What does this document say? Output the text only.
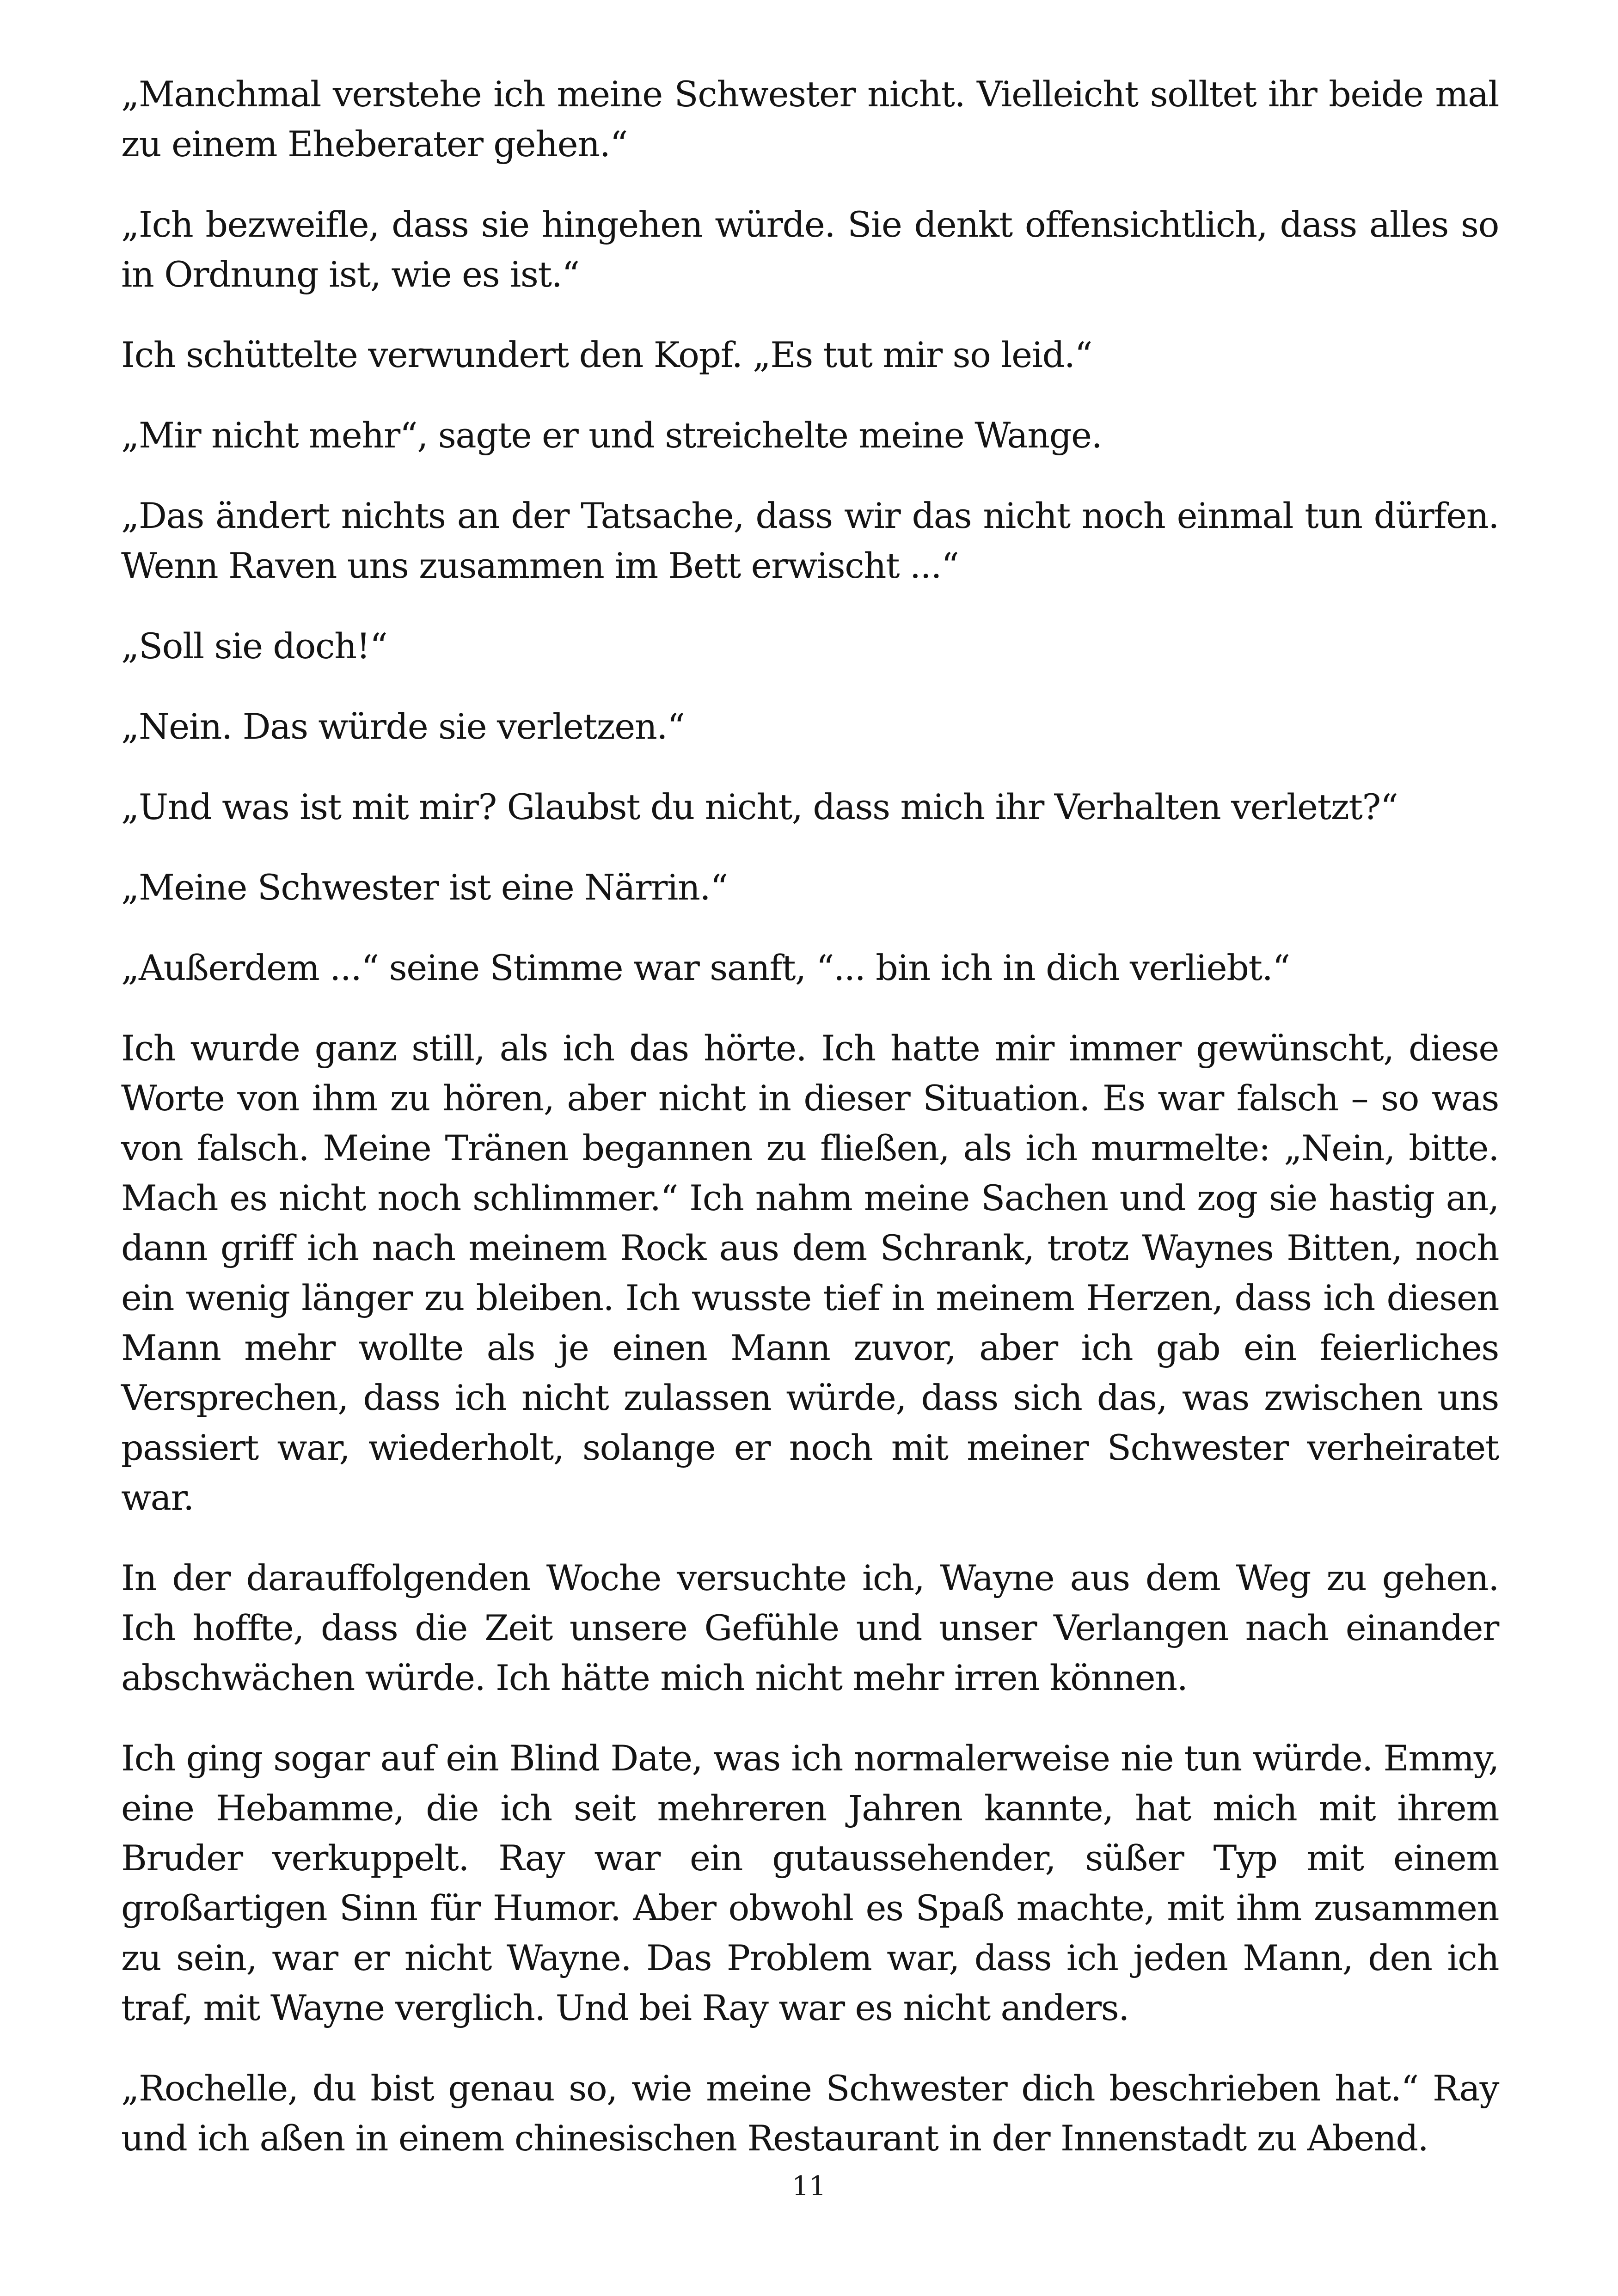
„Manchmal verstehe ich meine Schwester nicht. Vielleicht solltet ihr beide mal zu einem Eheberater gehen.“

„Ich bezweifle, dass sie hingehen würde. Sie denkt offensichtlich, dass alles so in Ordnung ist, wie es ist.“

Ich schüttelte verwundert den Kopf. „Es tut mir so leid.“

„Mir nicht mehr“, sagte er und streichelte meine Wange.

„Das ändert nichts an der Tatsache, dass wir das nicht noch einmal tun dürfen. Wenn Raven uns zusammen im Bett erwischt ...“

„Soll sie doch!“

„Nein. Das würde sie verletzen.“

„Und was ist mit mir? Glaubst du nicht, dass mich ihr Verhalten verletzt?“

„Meine Schwester ist eine Närrin.“

„Außerdem ...“ seine Stimme war sanft, “... bin ich in dich verliebt.“

Ich wurde ganz still, als ich das hörte. Ich hatte mir immer gewünscht, diese Worte von ihm zu hören, aber nicht in dieser Situation. Es war falsch – so was von falsch. Meine Tränen begannen zu fließen, als ich murmelte: „Nein, bitte. Mach es nicht noch schlimmer.“ Ich nahm meine Sachen und zog sie hastig an, dann griff ich nach meinem Rock aus dem Schrank, trotz Waynes Bitten, noch ein wenig länger zu bleiben. Ich wusste tief in meinem Herzen, dass ich diesen Mann mehr wollte als je einen Mann zuvor, aber ich gab ein feierliches Versprechen, dass ich nicht zulassen würde, dass sich das, was zwischen uns passiert war, wiederholt, solange er noch mit meiner Schwester verheiratet war.

In der darauffolgenden Woche versuchte ich, Wayne aus dem Weg zu gehen. Ich hoffte, dass die Zeit unsere Gefühle und unser Verlangen nach einander abschwächen würde. Ich hätte mich nicht mehr irren können.

Ich ging sogar auf ein Blind Date, was ich normalerweise nie tun würde. Emmy, eine Hebamme, die ich seit mehreren Jahren kannte, hat mich mit ihrem Bruder verkuppelt. Ray war ein gutaussehender, süßer Typ mit einem großartigen Sinn für Humor. Aber obwohl es Spaß machte, mit ihm zusammen zu sein, war er nicht Wayne. Das Problem war, dass ich jeden Mann, den ich traf, mit Wayne verglich. Und bei Ray war es nicht anders.

„Rochelle, du bist genau so, wie meine Schwester dich beschrieben hat.“ Ray und ich aßen in einem chinesischen Restaurant in der Innenstadt zu Abend.

11
